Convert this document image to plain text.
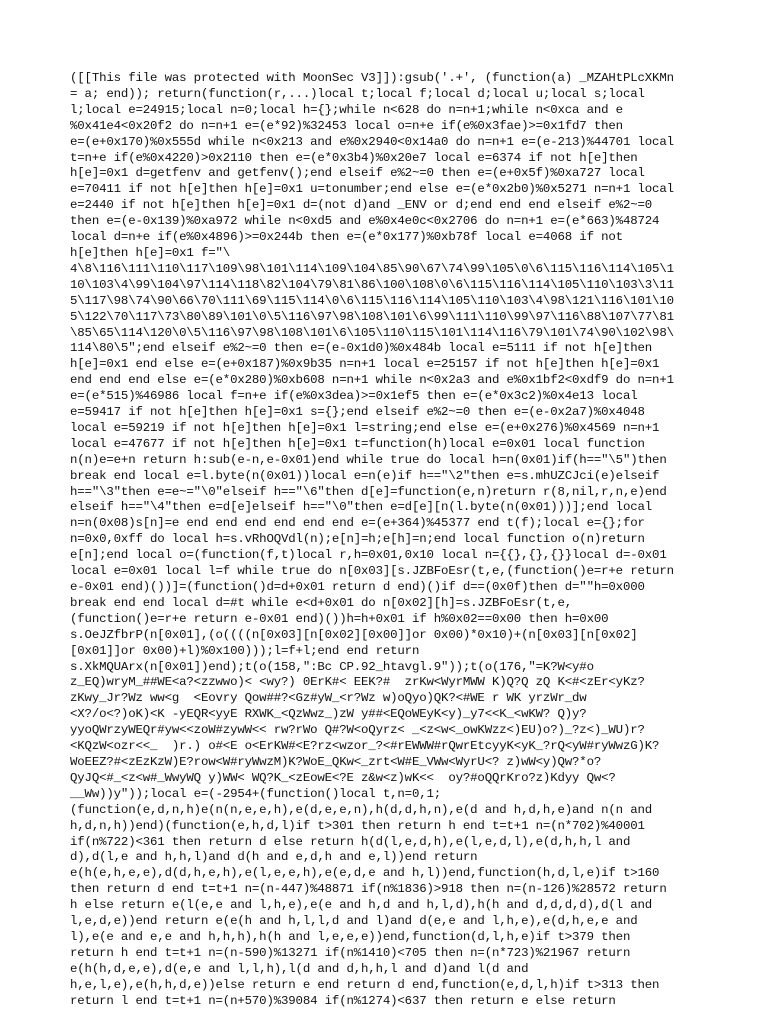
([[This file was protected with MoonSec V3]]):gsub('.+', (function(a) _MZAHtPLcXKMn
= a; end)); return(function(r,...)local t;local f;local d;local u;local s;local
l;local e=24915;local n=0;local h={};while n<628 do n=n+1;while n<0xca and e
%0x41e4<0x20f2 do n=n+1 e=(e*92)%32453 local o=n+e if(e%0x3fae)>=0x1fd7 then
e=(e+0x170)%0x555d while n<0x213 and e%0x2940<0x14a0 do n=n+1 e=(e-213)%44701 local
t=n+e if(e%0x4220)>0x2110 then e=(e*0x3b4)%0x20e7 local e=6374 if not h[e]then
h[e]=0x1 d=getfenv and getfenv();end elseif e%2~=0 then e=(e+0x5f)%0xa727 local
e=70411 if not h[e]then h[e]=0x1 u=tonumber;end else e=(e*0x2b0)%0x5271 n=n+1 local
e=2440 if not h[e]then h[e]=0x1 d=(not d)and _ENV or d;end end end elseif e%2~=0
then e=(e-0x139)%0xa972 while n<0xd5 and e%0x4e0c<0x2706 do n=n+1 e=(e*663)%48724
local d=n+e if(e%0x4896)>=0x244b then e=(e*0x177)%0xb78f local e=4068 if not
h[e]then h[e]=0x1 f="\
4\8\116\111\110\117\109\98\101\114\109\104\85\90\67\74\99\105\0\6\115\116\114\105\1
10\103\4\99\104\97\114\118\82\104\79\81\86\100\108\0\6\115\116\114\105\110\103\3\11
5\117\98\74\90\66\70\111\69\115\114\0\6\115\116\114\105\110\103\4\98\121\116\101\10
5\122\70\117\73\80\89\101\0\5\116\97\98\108\101\6\99\111\110\99\97\116\88\107\77\81
\85\65\114\120\0\5\116\97\98\108\101\6\105\110\115\101\114\116\79\101\74\90\102\98\
114\80\5";end elseif e%2~=0 then e=(e-0x1d0)%0x484b local e=5111 if not h[e]then
h[e]=0x1 end else e=(e+0x187)%0x9b35 n=n+1 local e=25157 if not h[e]then h[e]=0x1
end end end else e=(e*0x280)%0xb608 n=n+1 while n<0x2a3 and e%0x1bf2<0xdf9 do n=n+1
e=(e*515)%46986 local f=n+e if(e%0x3dea)>=0x1ef5 then e=(e*0x3c2)%0x4e13 local
e=59417 if not h[e]then h[e]=0x1 s={};end elseif e%2~=0 then e=(e-0x2a7)%0x4048
local e=59219 if not h[e]then h[e]=0x1 l=string;end else e=(e+0x276)%0x4569 n=n+1
local e=47677 if not h[e]then h[e]=0x1 t=function(h)local e=0x01 local function
n(n)e=e+n return h:sub(e-n,e-0x01)end while true do local h=n(0x01)if(h=="\5")then
break end local e=l.byte(n(0x01))local e=n(e)if h=="\2"then e=s.mhUZCJci(e)elseif
h=="\3"then e=e~="\0"elseif h=="\6"then d[e]=function(e,n)return r(8,nil,r,n,e)end
elseif h=="\4"then e=d[e]elseif h=="\0"then e=d[e][n(l.byte(n(0x01)))];end local
n=n(0x08)s[n]=e end end end end end end e=(e+364)%45377 end t(f);local e={};for
n=0x0,0xff do local h=s.vRhOQVdl(n);e[n]=h;e[h]=n;end local function o(n)return
e[n];end local o=(function(f,t)local r,h=0x01,0x10 local n={{},{},{}}local d=-0x01
local e=0x01 local l=f while true do n[0x03][s.JZBFoEsr(t,e,(function()e=r+e return
e-0x01 end)())]=(function()d=d+0x01 return d end)()if d==(0x0f)then d=""h=0x000
break end end local d=#t while e<d+0x01 do n[0x02][h]=s.JZBFoEsr(t,e,
(function()e=r+e return e-0x01 end)())h=h+0x01 if h%0x02==0x00 then h=0x00
s.OeJZfbrP(n[0x01],(o((((n[0x03][n[0x02][0x00]]or 0x00)*0x10)+(n[0x03][n[0x02]
[0x01]]or 0x00)+l)%0x100)));l=f+l;end end return
s.XkMQUArx(n[0x01])end);t(o(158,":Bc CP.92_htavgl.9"));t(o(176,"=K?W<y#o
z_EQ)wryM_##WE<a?<zzwwo)< <wy?) 0ErK#< EEK?#  zrKw<WyrMWW K)Q?Q zQ K<#<zEr<yKz?
zKwy_Jr?Wz ww<g  <Eovry Qow##?<Gz#yW_<r?Wz w)oQyo)QK?<#WE r WK yrzWr_dw
<X?/o<?)oK)<K -yEQR<yyE RXWK_<QzWwz_)zW y##<EQoWEyK<y)_y7<<K_<wKW? Q)y?
yyoQWrzyWEQr#yw<<zoW#zywW<< rw?rWo Q#?W<oQyrz< _<z<w<_owKWzz<)EU)o?)_?z<)_WU)r?
<KQzW<ozr<<_  )r.) o#<E o<ErKW#<E?rz<wzor_?<#rEWWW#rQwrEtcyyK<yK_?rQ<yW#ryWwzG)K?
WoEEZ?#<zEzKzW)E?row<W#ryWwzM)K?WoE_QKw<_zrt<W#E_VWw<WyrU<? z)wW<y)Qw?*o?
QyJQ<#_<z<w#_WwyWQ y)WW< WQ?K_<zEowE<?E z&w<z)wK<<  oy?#oQQrKro?z)Kdyy Qw<?
__Ww))y"));local e=(-2954+(function()local t,n=0,1;
(function(e,d,n,h)e(n(n,e,e,h),e(d,e,e,n),h(d,d,h,n),e(d and h,d,h,e)and n(n and
h,d,n,h))end)(function(e,h,d,l)if t>301 then return h end t=t+1 n=(n*702)%40001
if(n%722)<361 then return d else return h(d(l,e,d,h),e(l,e,d,l),e(d,h,h,l and
d),d(l,e and h,h,l)and d(h and e,d,h and e,l))end return
e(h(e,h,e,e),d(d,h,e,h),e(l,e,e,h),e(e,d,e and h,l))end,function(h,d,l,e)if t>160
then return d end t=t+1 n=(n-447)%48871 if(n%1836)>918 then n=(n-126)%28572 return
h else return e(l(e,e and l,h,e),e(e and h,d and h,l,d),h(h and d,d,d,d),d(l and
l,e,d,e))end return e(e(h and h,l,l,d and l)and d(e,e and l,h,e),e(d,h,e,e and
l),e(e and e,e and h,h,h),h(h and l,e,e,e))end,function(d,l,h,e)if t>379 then
return h end t=t+1 n=(n-590)%13271 if(n%1410)<705 then n=(n*723)%21967 return
e(h(h,d,e,e),d(e,e and l,l,h),l(d and d,h,h,l and d)and l(d and
h,e,l,e),e(h,h,d,e))else return e end return d end,function(e,d,l,h)if t>313 then
return l end t=t+1 n=(n+570)%39084 if(n%1274)<637 then return e else return
